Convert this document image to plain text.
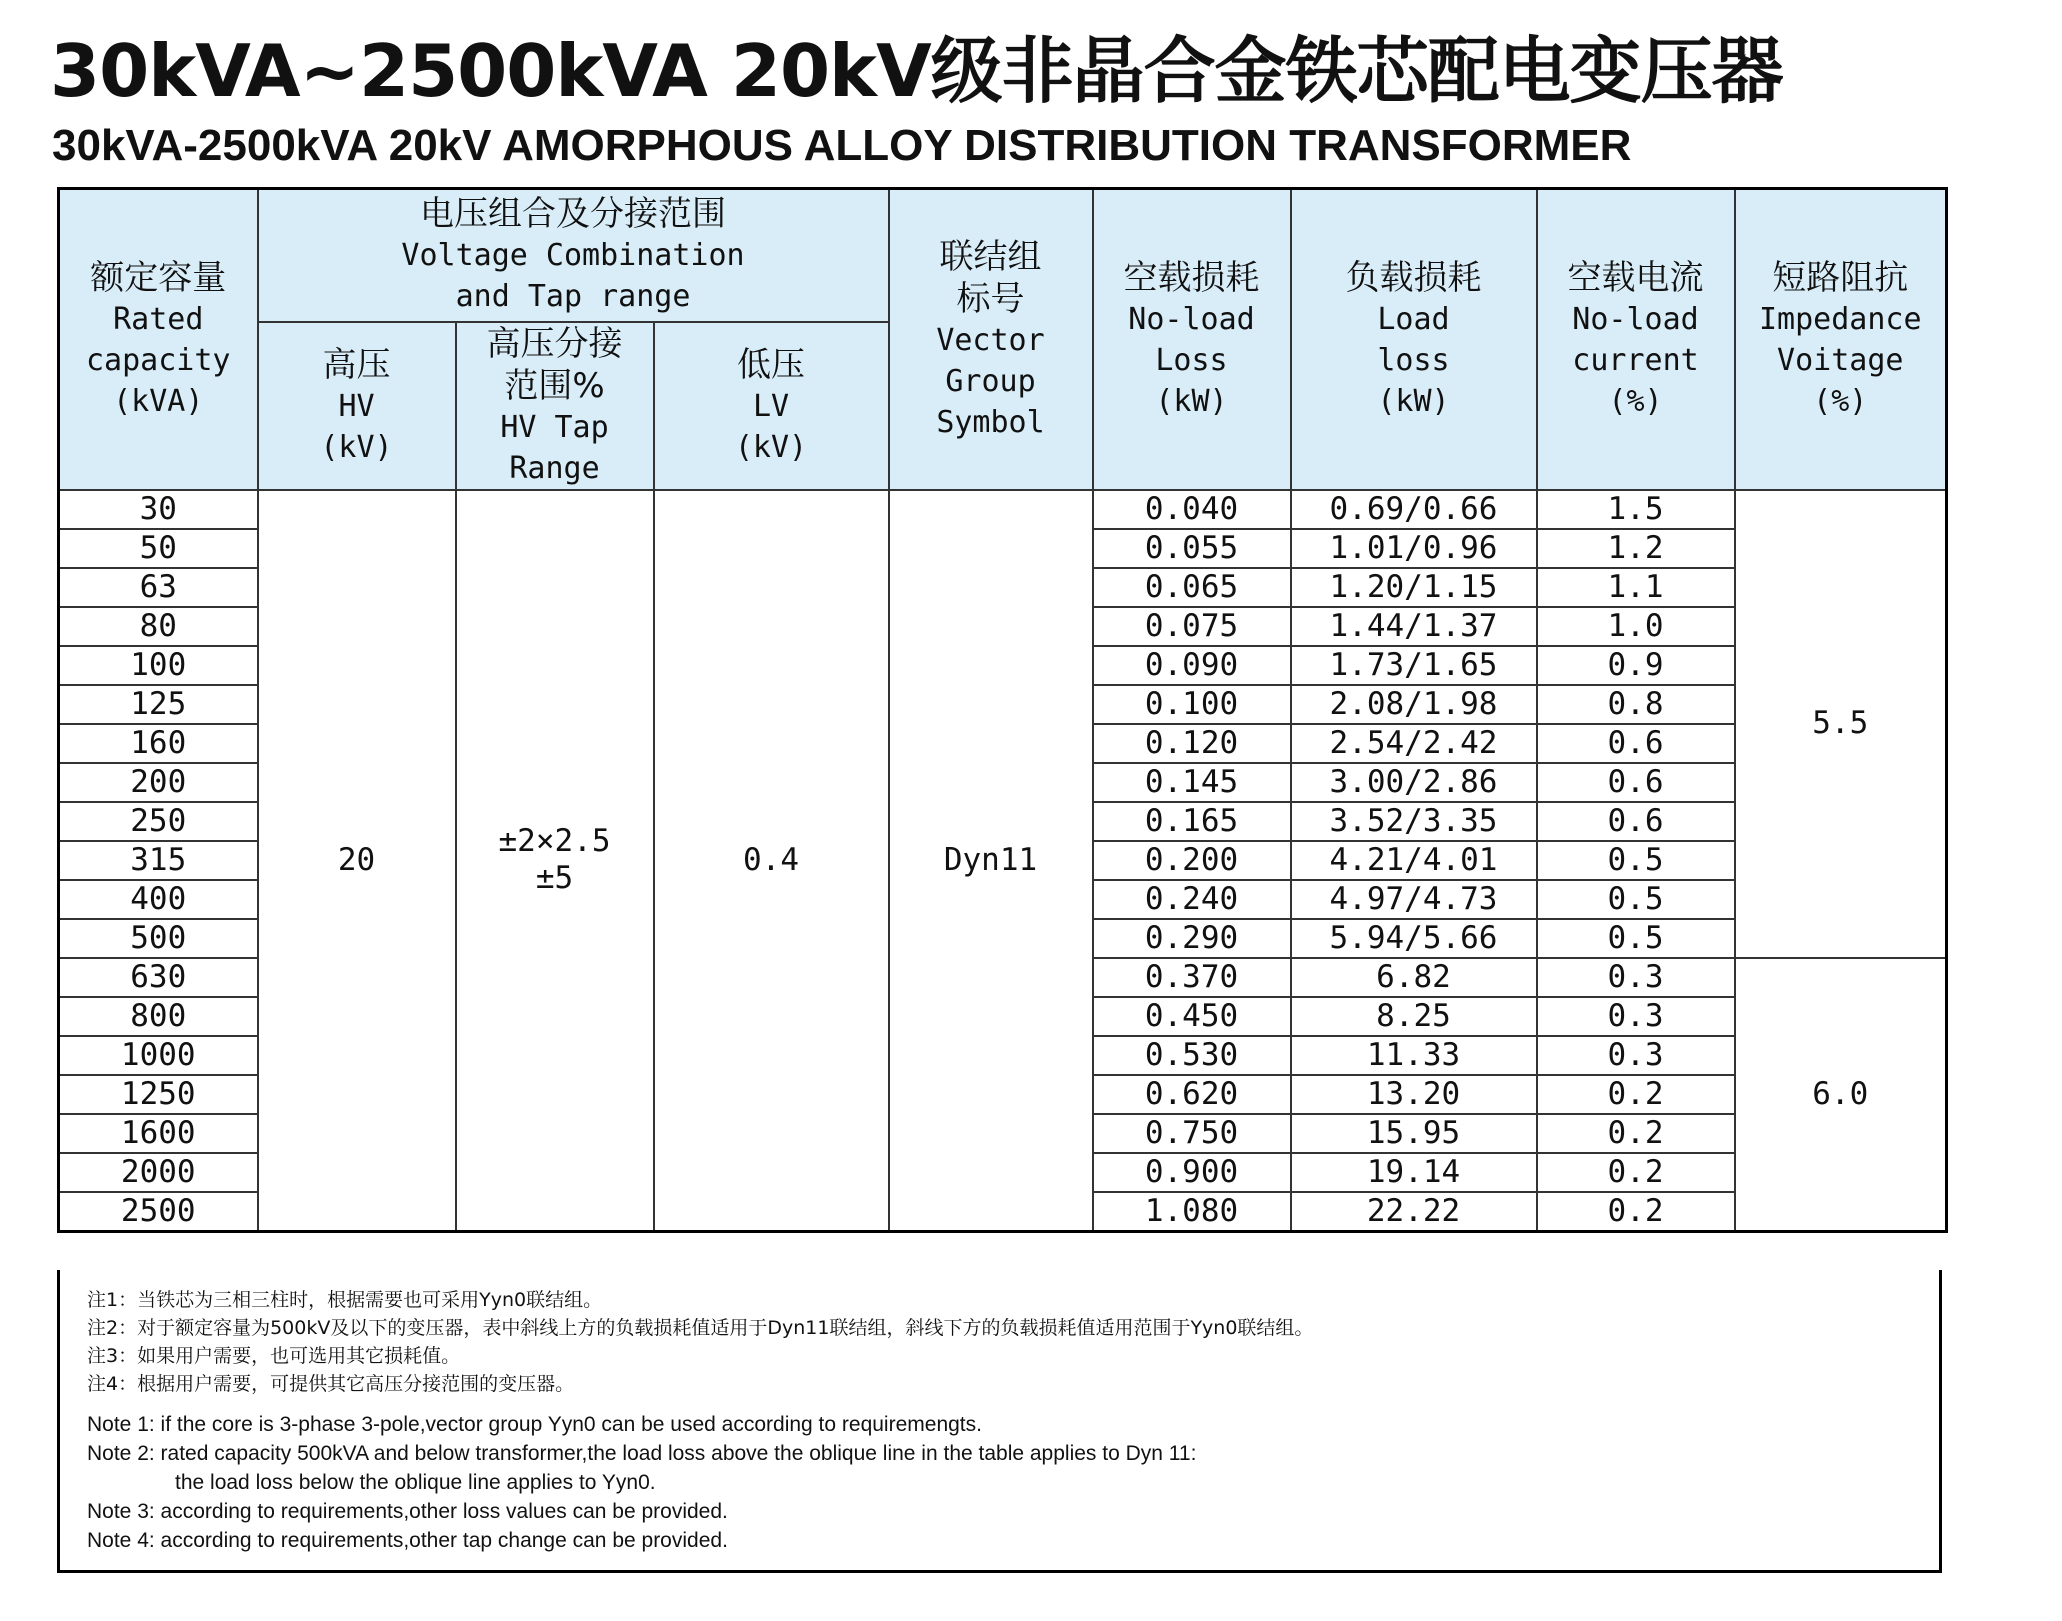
30kVA~2500kVA 20kV级非晶合金铁芯配电变压器
30kVA-2500kVA 20kV AMORPHOUS ALLOY DISTRIBUTION TRANSFORMER
额定容量
Rated
capacity
(kVA)	电压组合及分接范围
Voltage Combination
and Tap range			联结组
标号
Vector
Group
Symbol	空载损耗
No-load
Loss
(kW)	负载损耗
Load
loss
(kW)	空载电流
No-load
current
(%)	短路阻抗
Impedance
Voitage
(%)

	高压
HV
(kV)	高压分接
范围%
HV Tap
Range	低压
LV
(kV)					

30	20	±2×2.5
±5	0.4	Dyn11	0.040	0.69/0.66	1.5	5.5
50					0.055	1.01/0.96	1.2	
63					0.065	1.20/1.15	1.1	
80					0.075	1.44/1.37	1.0	
100					0.090	1.73/1.65	0.9	
125					0.100	2.08/1.98	0.8	
160					0.120	2.54/2.42	0.6	
200					0.145	3.00/2.86	0.6	
250					0.165	3.52/3.35	0.6	
315					0.200	4.21/4.01	0.5	
400					0.240	4.97/4.73	0.5	
500					0.290	5.94/5.66	0.5	
630					0.370	6.82	0.3	6.0
800					0.450	8.25	0.3	
1000					0.530	11.33	0.3	
1250					0.620	13.20	0.2	
1600					0.750	15.95	0.2	
2000					0.900	19.14	0.2	
2500					1.080	22.22	0.2	

注1：当铁芯为三相三柱时，根据需要也可采用Yyn0联结组。

注2：对于额定容量为500kV及以下的变压器，表中斜线上方的负载损耗值适用于Dyn11联结组，斜线下方的负载损耗值适用范围于Yyn0联结组。

注3：如果用户需要，也可选用其它损耗值。

注4：根据用户需要，可提供其它高压分接范围的变压器。

Note 1: if the core is 3-phase 3-pole,vector group Yyn0 can be used according to requiremengts.

Note 2: rated capacity 500kVA and below transformer,the load loss above the oblique line in the table applies to Dyn 11:

the load loss below the oblique line applies to Yyn0.

Note 3: according to requirements,other loss values can be provided.

Note 4: according to requirements,other tap change can be provided.
